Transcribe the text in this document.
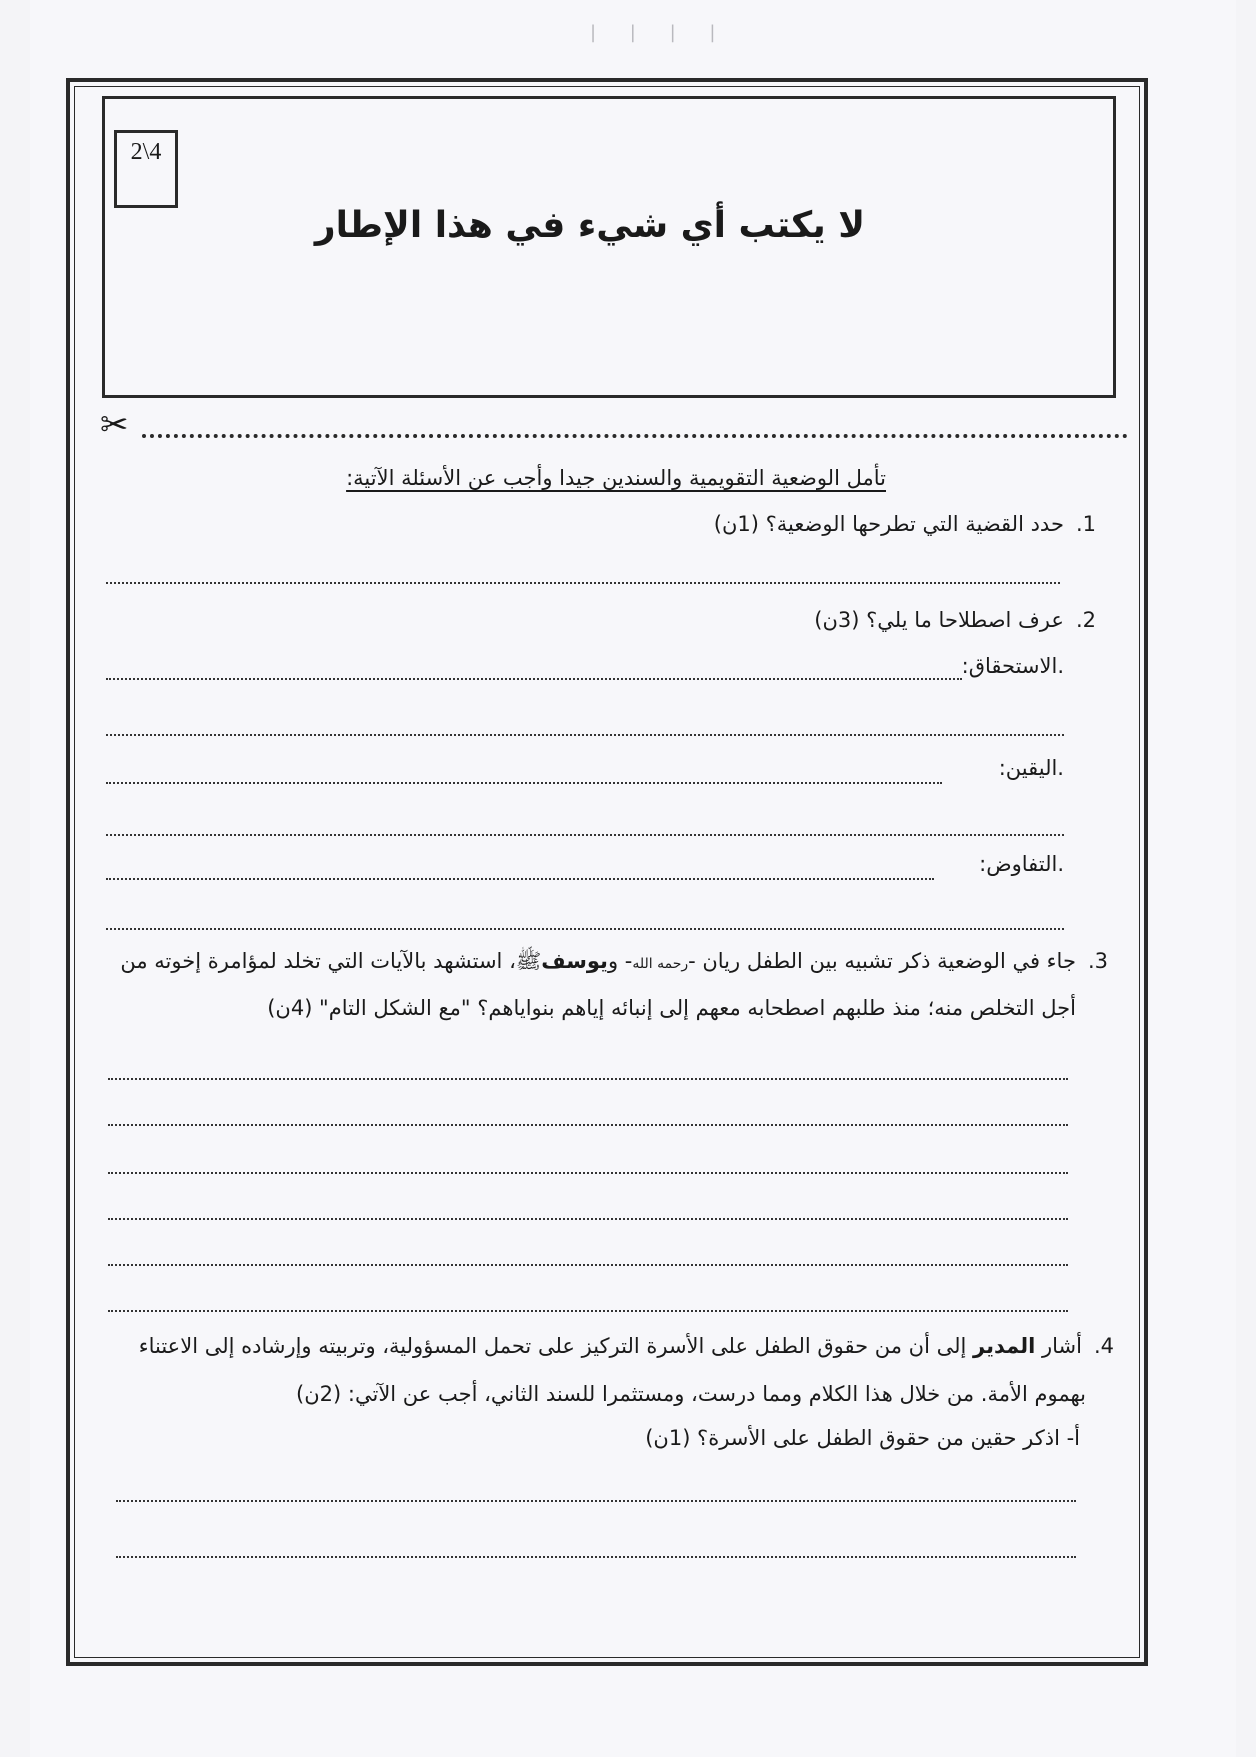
| | | |
2\4
لا يكتب أي شيء في هذا الإطار
✂
تأمل الوضعية التقويمية والسندين جيدا وأجب عن الأسئلة الآتية:
1.حدد القضية التي تطرحها الوضعية؟ (1ن)
2.عرف اصطلاحا ما يلي؟ (3ن)
.الاستحقاق:
.اليقين:
.التفاوض:
3.جاء في الوضعية ذكر تشبيه بين الطفل ريان -رحمه الله- ويوسفﷺ، استشهد بالآيات التي تخلد لمؤامرة إخوته من
أجل التخلص منه؛ منذ طلبهم اصطحابه معهم إلى إنبائه إياهم بنواياهم؟ "مع الشكل التام" (4ن)
4.أشار المدير إلى أن من حقوق الطفل على الأسرة التركيز على تحمل المسؤولية، وتربيته وإرشاده إلى الاعتناء
بهموم الأمة. من خلال هذا الكلام ومما درست، ومستثمرا للسند الثاني، أجب عن الآتي: (2ن)
أ- اذكر حقين من حقوق الطفل على الأسرة؟ (1ن)
